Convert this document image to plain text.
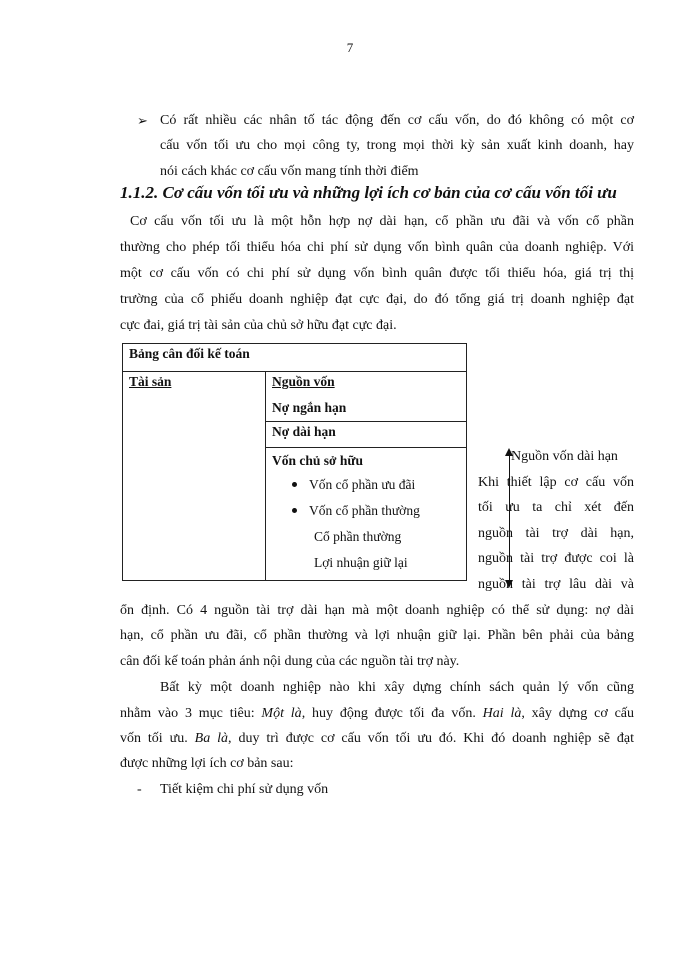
7
➢ Có rất nhiều các nhân tố tác động đến cơ cấu vốn, do đó không có một cơ
cấu vốn tối ưu cho mọi công ty, trong mọi thời kỳ sản xuất kinh doanh, hay
nói cách khác cơ cấu vốn mang tính thời điểm
1.1.2. Cơ cấu vốn tối ưu và những lợi ích cơ bản của cơ cấu vốn tối ưu
Cơ cấu vốn tối ưu là một hỗn hợp nợ dài hạn, cổ phần ưu đãi và vốn cổ phần
thường cho phép tối thiểu hóa chi phí sử dụng vốn bình quân của doanh nghiệp. Với
một cơ cấu vốn có chi phí sử dụng vốn bình quân được tối thiểu hóa, giá trị thị
trường của cổ phiếu doanh nghiệp đạt cực đại, do đó tổng giá trị doanh nghiệp đạt
cực đai, giá trị tài sản của chủ sở hữu đạt cực đại.
Bảng cân đối kế toán
Tài sản	Nguồn vốn
Nợ ngắn hạn
Nợ dài hạn

Vốn chủ sở hữu
Vốn cổ phần ưu đãi
Vốn cổ phần thường
Cổ phần thường
Lợi nhuận giữ lại
Nguồn vốn dài hạn
Khi thiết lập cơ cấu vốn
tối ưu ta chỉ xét đến
nguồn tài trợ dài hạn,
nguồn tài trợ được coi là
nguồn tài trợ lâu dài và
ổn định. Có 4 nguồn tài trợ dài hạn mà một doanh nghiệp có thể sử dụng: nợ dài
hạn, cổ phần ưu đãi, cổ phần thường và lợi nhuận giữ lại. Phần bên phải của bảng
cân đối kế toán phản ánh nội dung của các nguồn tài trợ này.
Bất kỳ một doanh nghiệp nào khi xây dựng chính sách quản lý vốn cũng
nhằm vào 3 mục tiêu: Một là, huy động được tối đa vốn. Hai là, xây dựng cơ cấu
vốn tối ưu. Ba là, duy trì được cơ cấu vốn tối ưu đó. Khi đó doanh nghiệp sẽ đạt
được những lợi ích cơ bản sau:
- Tiết kiệm chi phí sử dụng vốn
